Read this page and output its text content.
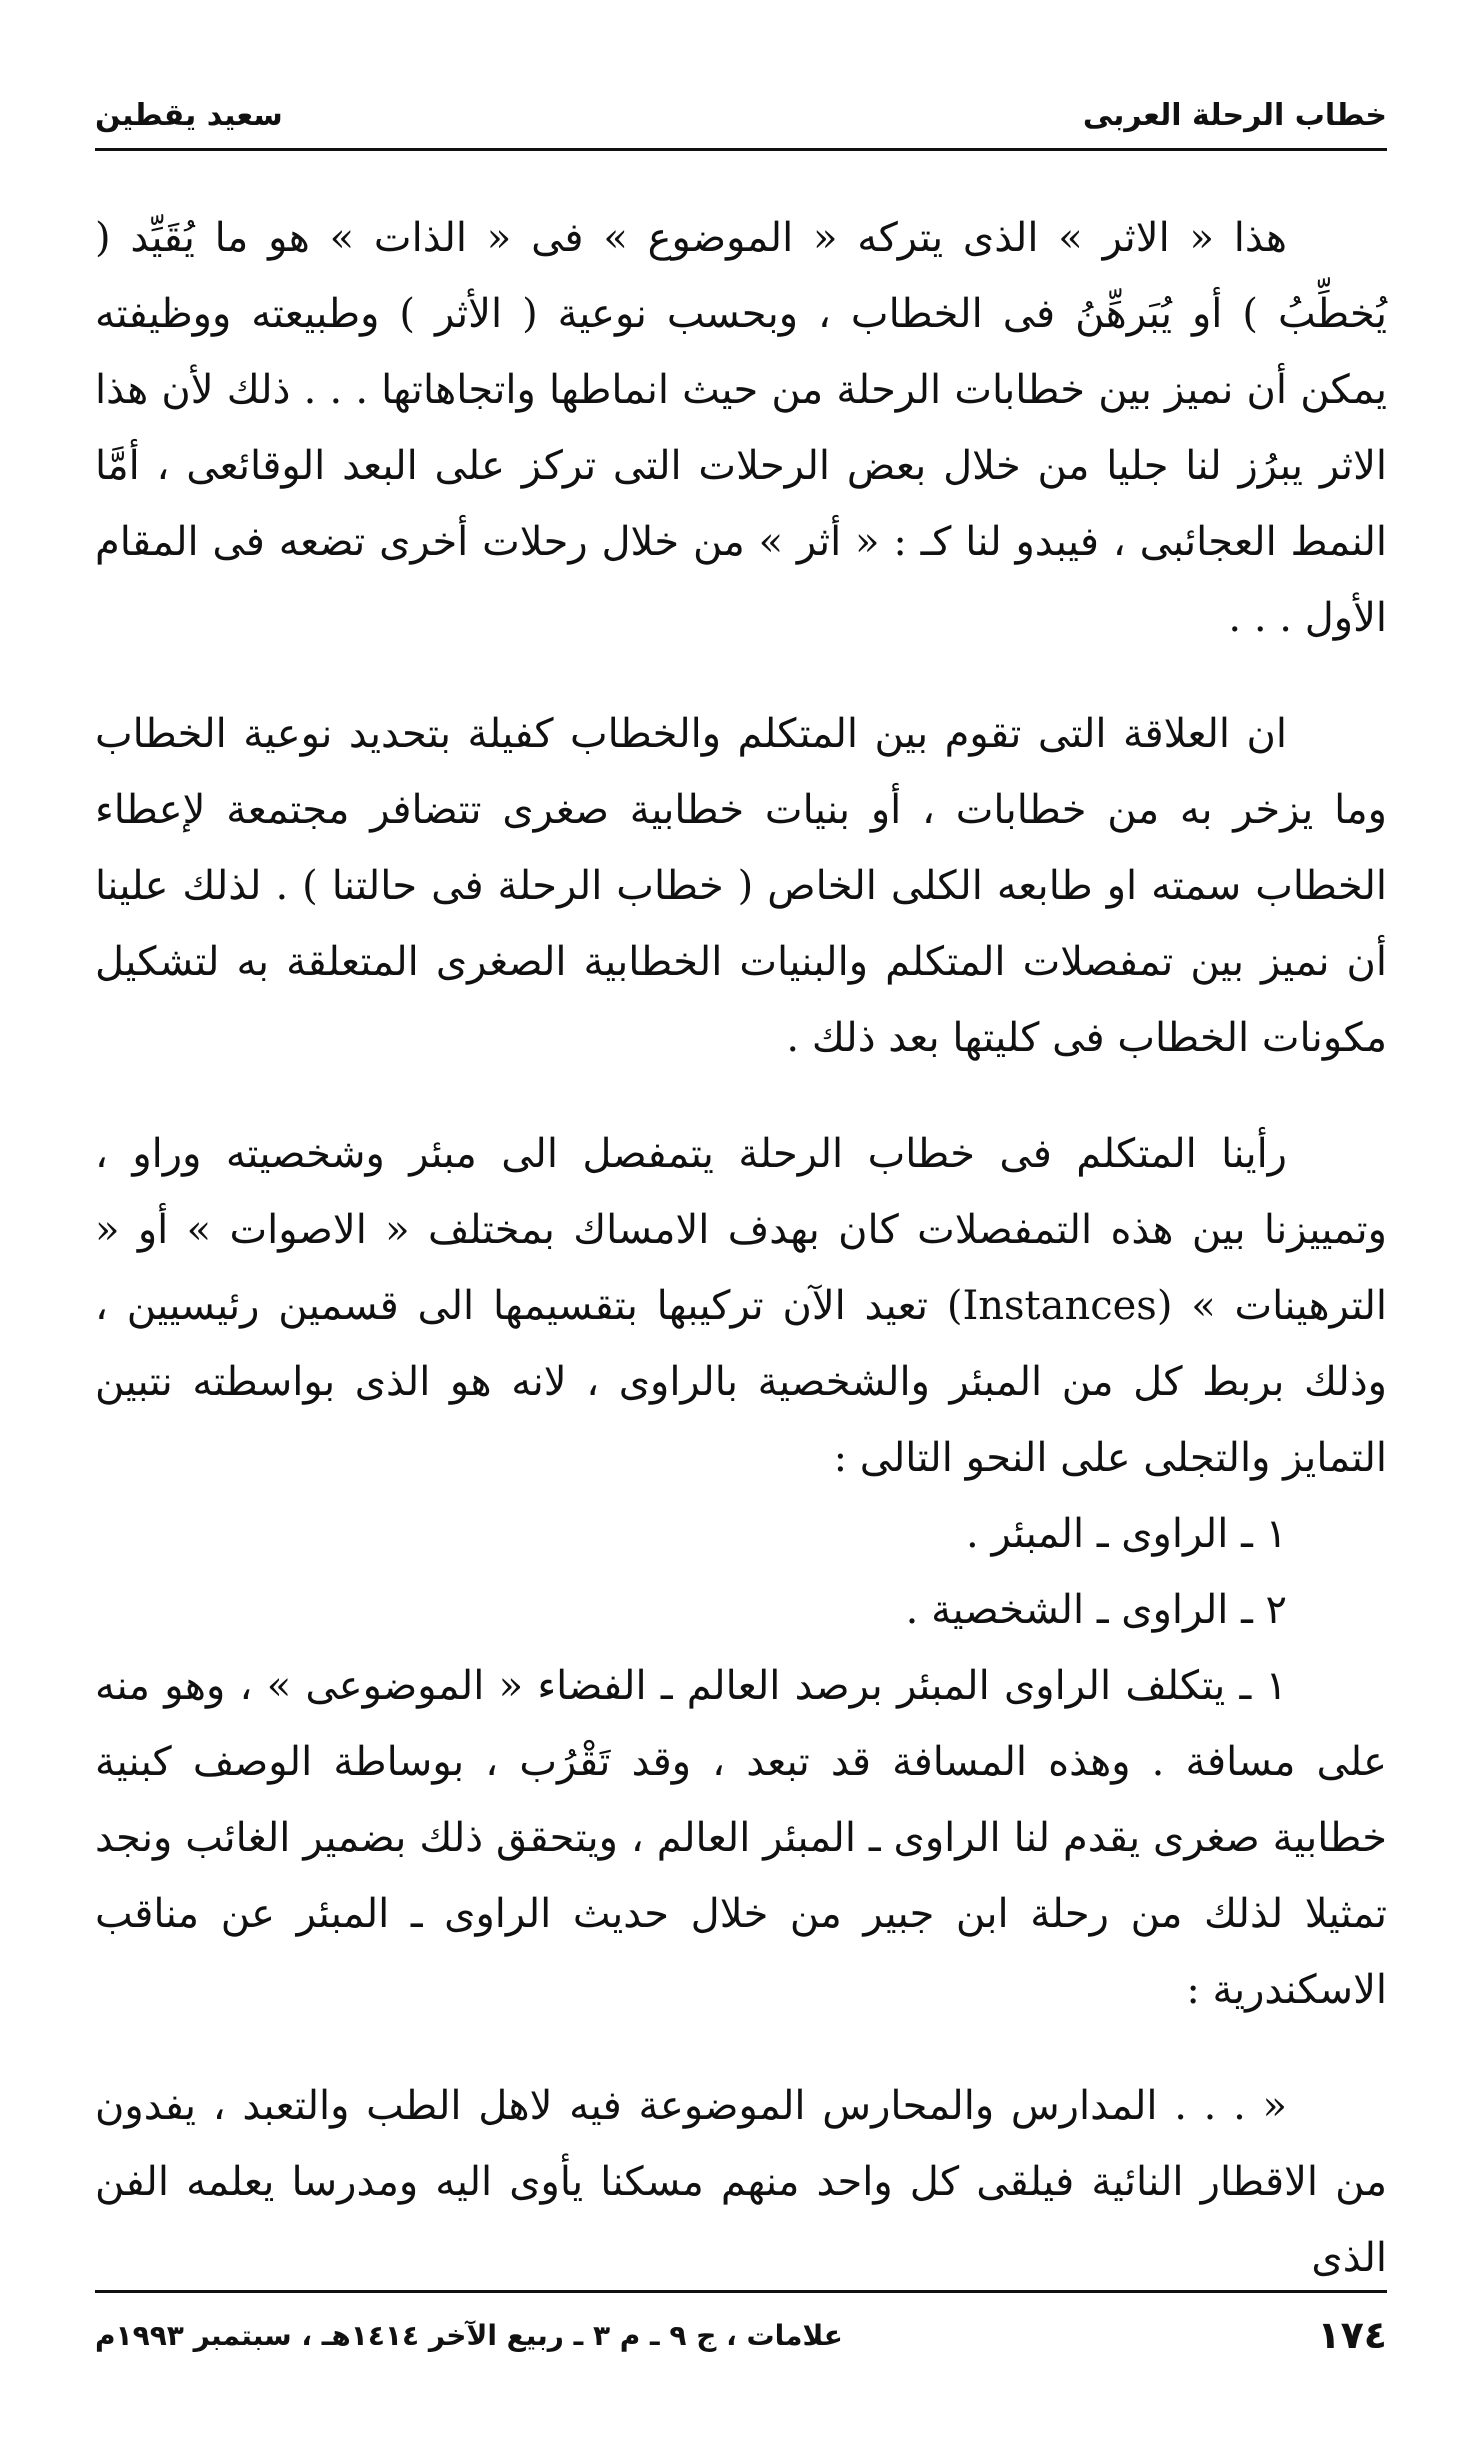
خطاب الرحلة العربى
سعيد يقطين

هذا « الاثر » الذى يتركه « الموضوع » فى « الذات » هو ما يُقَيِّد ( يُخطِّبُ ) أو يُبَرهِّنُ فى الخطاب ، وبحسب نوعية ( الأثر ) وطبيعته ووظيفته يمكن أن نميز بين خطابات الرحلة من حيث انماطها واتجاهاتها . . . ذلك لأن هذا الاثر يبرُز لنا جليا من خلال بعض الرحلات التى تركز على البعد الوقائعى ، أمَّا النمط العجائبى ، فيبدو لنا كـ : « أثر » من خلال رحلات أخرى تضعه فى المقام الأول . . .

ان العلاقة التى تقوم بين المتكلم والخطاب كفيلة بتحديد نوعية الخطاب وما يزخر به من خطابات ، أو بنيات خطابية صغرى تتضافر مجتمعة لإعطاء الخطاب سمته او طابعه الكلى الخاص ( خطاب الرحلة فى حالتنا ) . لذلك علينا أن نميز بين تمفصلات المتكلم والبنيات الخطابية الصغرى المتعلقة به لتشكيل مكونات الخطاب فى كليتها بعد ذلك .

رأينا المتكلم فى خطاب الرحلة يتمفصل الى مبئر وشخصيته وراو ، وتمييزنا بين هذه التمفصلات كان بهدف الامساك بمختلف « الاصوات » أو « الترهينات » (Instances) تعيد الآن تركيبها بتقسيمها الى قسمين رئيسيين ، وذلك بربط كل من المبئر والشخصية بالراوى ، لانه هو الذى بواسطته نتبين التمايز والتجلى على النحو التالى :

١ ـ الراوى ـ المبئر .

٢ ـ الراوى ـ الشخصية .

١ ـ يتكلف الراوى المبئر برصد العالم ـ الفضاء « الموضوعى » ، وهو منه على مسافة . وهذه المسافة قد تبعد ، وقد تَقْرُب ، بوساطة الوصف كبنية خطابية صغرى يقدم لنا الراوى ـ المبئر العالم ، ويتحقق ذلك بضمير الغائب ونجد تمثيلا لذلك من رحلة ابن جبير من خلال حديث الراوى ـ المبئر عن مناقب الاسكندرية :

« . . . المدارس والمحارس الموضوعة فيه لاهل الطب والتعبد ، يفدون من الاقطار النائية فيلقى كل واحد منهم مسكنا يأوى اليه ومدرسا يعلمه الفن الذى

١٧٤
علامات ، ج ٩ ـ م ٣ ـ ربيع الآخر ١٤١٤هـ ، سبتمبر ١٩٩٣م
